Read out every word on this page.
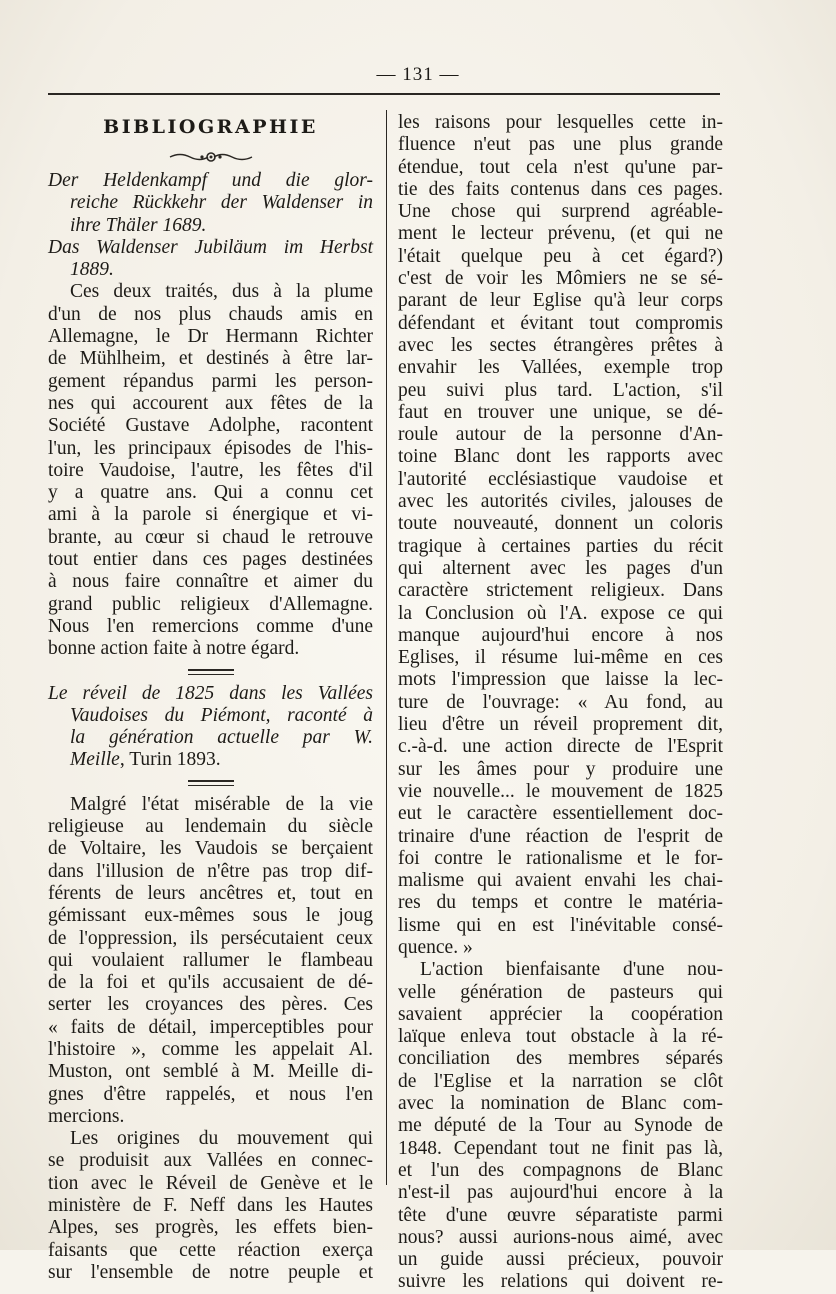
— 131 —
BIBLIOGRAPHIE
Der Heldenkampf und die glor-
reiche Rückkehr der Waldenser in
ihre Thäler 1689.
Das Waldenser Jubiläum im Herbst
1889.
Ces deux traités, dus à la plume
d'un de nos plus chauds amis en
Allemagne, le Dr Hermann Richter
de Mühlheim, et destinés à être lar-
gement répandus parmi les person-
nes qui accourent aux fêtes de la
Société Gustave Adolphe, racontent
l'un, les principaux épisodes de l'his-
toire Vaudoise, l'autre, les fêtes d'il
y a quatre ans. Qui a connu cet
ami à la parole si énergique et vi-
brante, au cœur si chaud le retrouve
tout entier dans ces pages destinées
à nous faire connaître et aimer du
grand public religieux d'Allemagne.
Nous l'en remercions comme d'une
bonne action faite à notre égard.
Le réveil de 1825 dans les Vallées
Vaudoises du Piémont, raconté à
la génération actuelle par W.
Meille, Turin 1893.
Malgré l'état misérable de la vie
religieuse au lendemain du siècle
de Voltaire, les Vaudois se berçaient
dans l'illusion de n'être pas trop dif-
férents de leurs ancêtres et, tout en
gémissant eux-mêmes sous le joug
de l'oppression, ils persécutaient ceux
qui voulaient rallumer le flambeau
de la foi et qu'ils accusaient de dé-
serter les croyances des pères. Ces
« faits de détail, imperceptibles pour
l'histoire », comme les appelait Al.
Muston, ont semblé à M. Meille di-
gnes d'être rappelés, et nous l'en
mercions.
Les origines du mouvement qui
se produisit aux Vallées en connec-
tion avec le Réveil de Genève et le
ministère de F. Neff dans les Hautes
Alpes, ses progrès, les effets bien-
faisants que cette réaction exerça
sur l'ensemble de notre peuple et
les raisons pour lesquelles cette in-
fluence n'eut pas une plus grande
étendue, tout cela n'est qu'une par-
tie des faits contenus dans ces pages.
Une chose qui surprend agréable-
ment le lecteur prévenu, (et qui ne
l'était quelque peu à cet égard?)
c'est de voir les Mômiers ne se sé-
parant de leur Eglise qu'à leur corps
défendant et évitant tout compromis
avec les sectes étrangères prêtes à
envahir les Vallées, exemple trop
peu suivi plus tard. L'action, s'il
faut en trouver une unique, se dé-
roule autour de la personne d'An-
toine Blanc dont les rapports avec
l'autorité ecclésiastique vaudoise et
avec les autorités civiles, jalouses de
toute nouveauté, donnent un coloris
tragique à certaines parties du récit
qui alternent avec les pages d'un
caractère strictement religieux. Dans
la Conclusion où l'A. expose ce qui
manque aujourd'hui encore à nos
Eglises, il résume lui-même en ces
mots l'impression que laisse la lec-
ture de l'ouvrage: « Au fond, au
lieu d'être un réveil proprement dit,
c.-à-d. une action directe de l'Esprit
sur les âmes pour y produire une
vie nouvelle... le mouvement de 1825
eut le caractère essentiellement doc-
trinaire d'une réaction de l'esprit de
foi contre le rationalisme et le for-
malisme qui avaient envahi les chai-
res du temps et contre le matéria-
lisme qui en est l'inévitable consé-
quence. »
L'action bienfaisante d'une nou-
velle génération de pasteurs qui
savaient apprécier la coopération
laïque enleva tout obstacle à la ré-
conciliation des membres séparés
de l'Eglise et la narration se clôt
avec la nomination de Blanc com-
me député de la Tour au Synode de
1848. Cependant tout ne finit pas là,
et l'un des compagnons de Blanc
n'est-il pas aujourd'hui encore à la
tête d'une œuvre séparatiste parmi
nous? aussi aurions-nous aimé, avec
un guide aussi précieux, pouvoir
suivre les relations qui doivent re-
